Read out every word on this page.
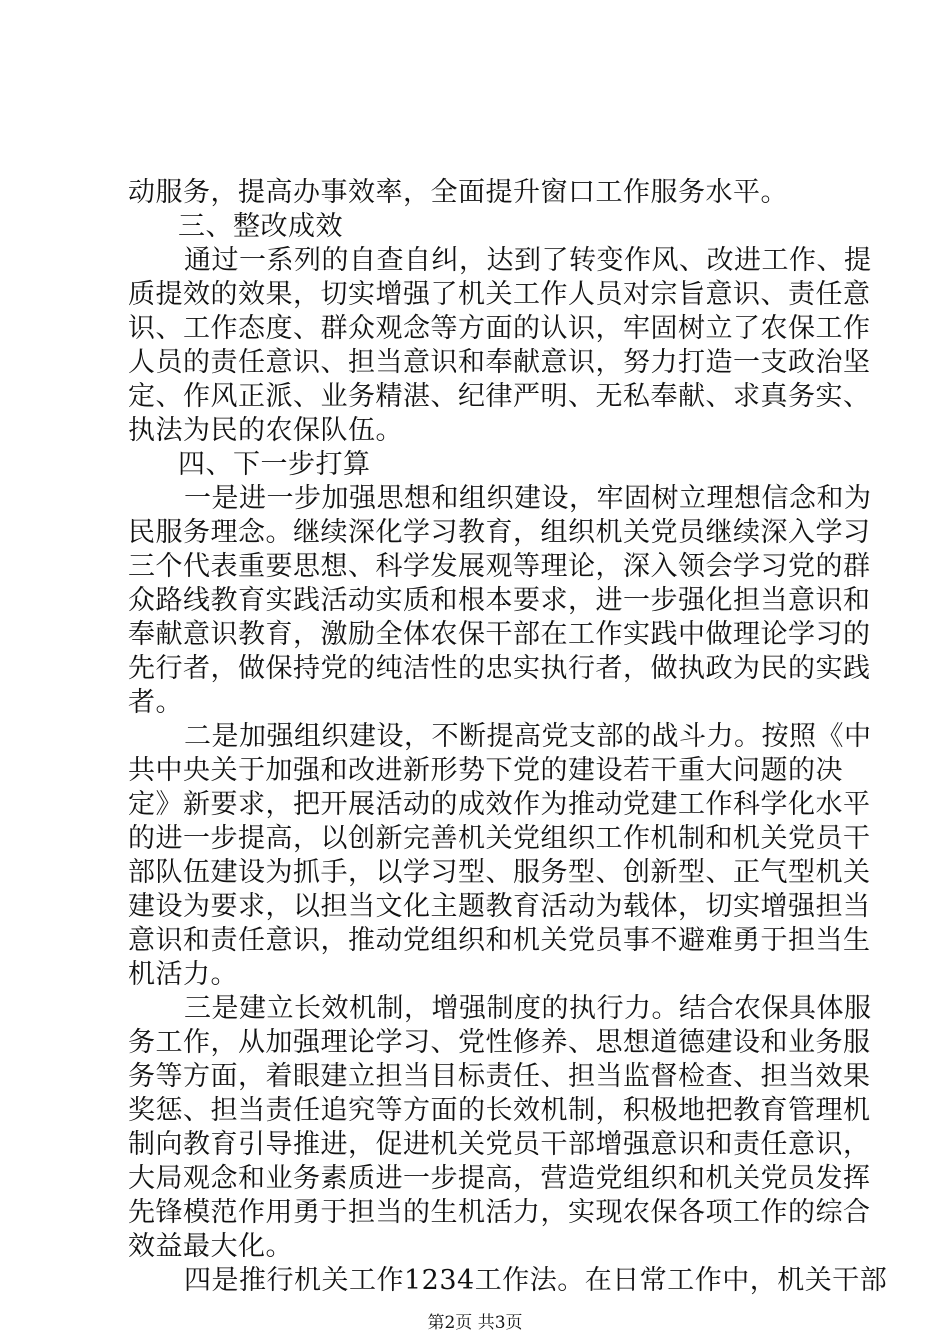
动服务，提高办事效率，全面提升窗口工作服务水平。
三、整改成效
通过一系列的自查自纠，达到了转变作风、改进工作、提
质提效的效果，切实增强了机关工作人员对宗旨意识、责任意
识、工作态度、群众观念等方面的认识，牢固树立了农保工作
人员的责任意识、担当意识和奉献意识，努力打造一支政治坚
定、作风正派、业务精湛、纪律严明、无私奉献、求真务实、
执法为民的农保队伍。
四、下一步打算
一是进一步加强思想和组织建设，牢固树立理想信念和为
民服务理念。继续深化学习教育，组织机关党员继续深入学习
三个代表重要思想、科学发展观等理论，深入领会学习党的群
众路线教育实践活动实质和根本要求，进一步强化担当意识和
奉献意识教育，激励全体农保干部在工作实践中做理论学习的
先行者，做保持党的纯洁性的忠实执行者，做执政为民的实践
者。
二是加强组织建设，不断提高党支部的战斗力。按照《中
共中央关于加强和改进新形势下党的建设若干重大问题的决
定》新要求，把开展活动的成效作为推动党建工作科学化水平
的进一步提高，以创新完善机关党组织工作机制和机关党员干
部队伍建设为抓手，以学习型、服务型、创新型、正气型机关
建设为要求，以担当文化主题教育活动为载体，切实增强担当
意识和责任意识，推动党组织和机关党员事不避难勇于担当生
机活力。
三是建立长效机制，增强制度的执行力。结合农保具体服
务工作，从加强理论学习、党性修养、思想道德建设和业务服
务等方面，着眼建立担当目标责任、担当监督检查、担当效果
奖惩、担当责任追究等方面的长效机制，积极地把教育管理机
制向教育引导推进，促进机关党员干部增强意识和责任意识，
大局观念和业务素质进一步提高，营造党组织和机关党员发挥
先锋模范作用勇于担当的生机活力，实现农保各项工作的综合
效益最大化。
四是推行机关工作1234工作法。在日常工作中，机关干部
第2页 共3页
